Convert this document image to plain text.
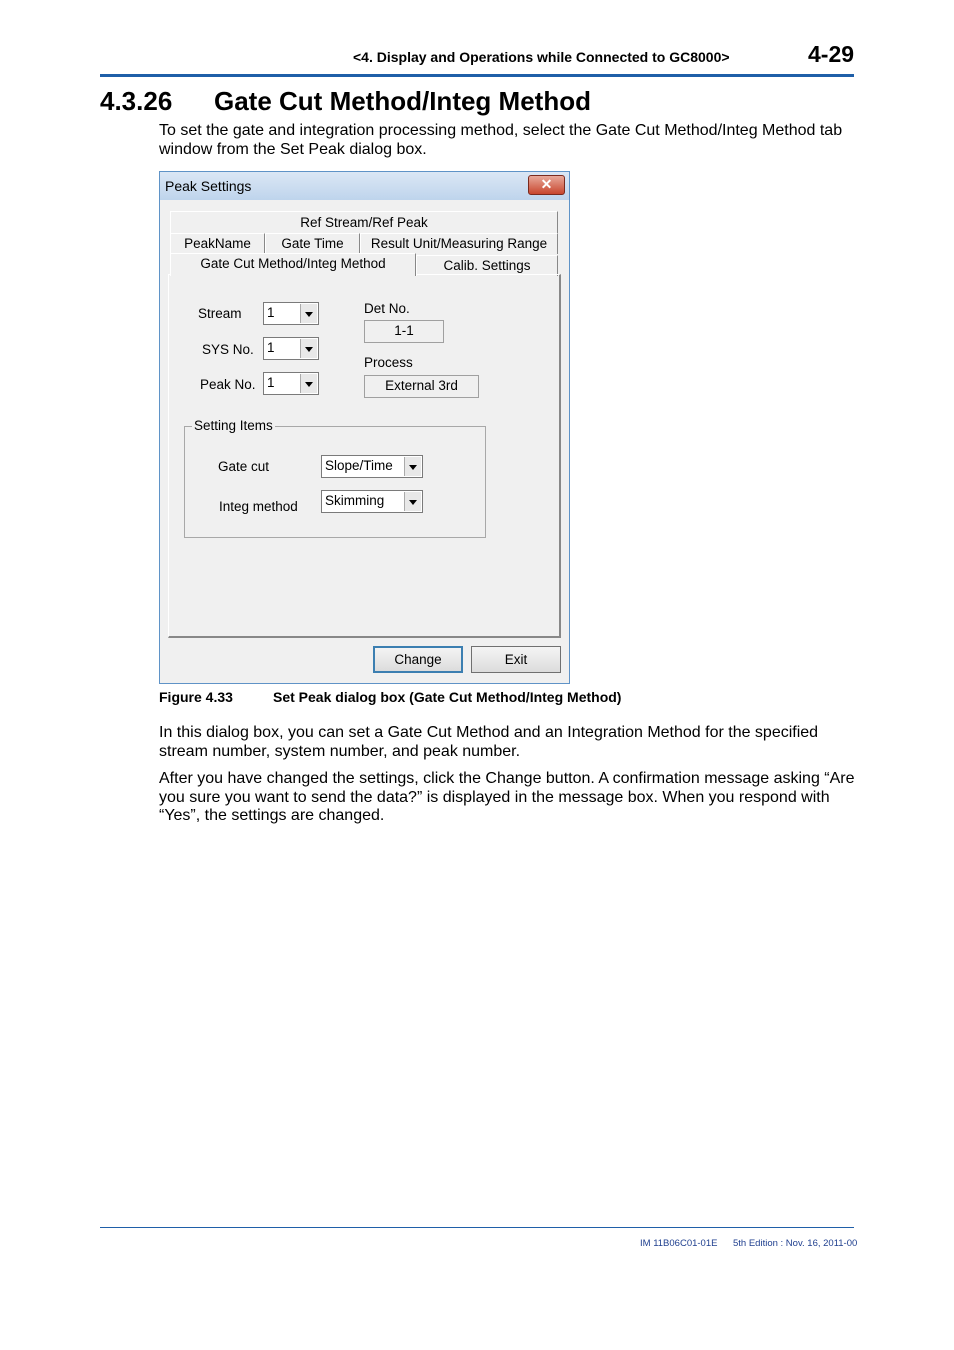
<4. Display and Operations while Connected to GC8000>	4-29
4.3.26 Gate Cut Method/Integ Method
To set the gate and integration processing method, select the Gate Cut Method/Integ Method tab window from the Set Peak dialog box.
Peak Settings	✕
Ref Stream/Ref Peak
PeakName	Gate Time	Result Unit/Measuring Range
Gate Cut Method/Integ Method	Calib. Settings
Stream 1
SYS No. 1
Peak No. 1
Det No.
1-1
Process
External 3rd
Setting Items
Gate cut	Slope/Time
Integ method Skimming
Change	Exit
Figure 4.33	Set Peak dialog box (Gate Cut Method/Integ Method)
In this dialog box, you can set a Gate Cut Method and an Integration Method for the specified stream number, system number, and peak number.
After you have changed the settings, click the Change button. A confirmation message asking “Are you sure you want to send the data?” is displayed in the message box. When you respond with “Yes”, the settings are changed.
IM 11B06C01-01E 5th Edition : Nov. 16, 2011-00
